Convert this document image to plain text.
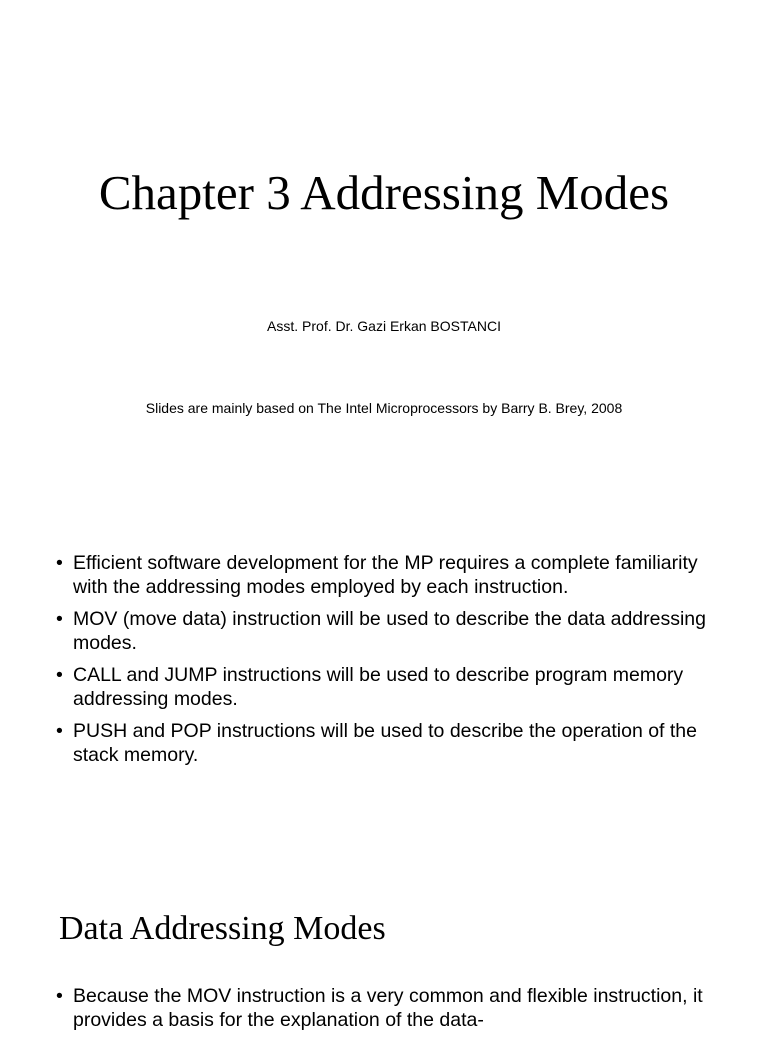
Chapter 3 Addressing Modes

Asst. Prof. Dr. Gazi Erkan BOSTANCI

Slides are mainly based on The Intel Microprocessors by Barry B. Brey, 2008

• Efficient software development for the MP requires a complete familiarity with the addressing modes employed by each instruction.
• MOV (move data) instruction will be used to describe the data addressing modes.
• CALL and JUMP instructions will be used to describe program memory addressing modes.
• PUSH and POP instructions will be used to describe the operation of the stack memory.
Data Addressing Modes
• Because the MOV instruction is a very common and flexible instruction, it provides a basis for the explanation of the data-
